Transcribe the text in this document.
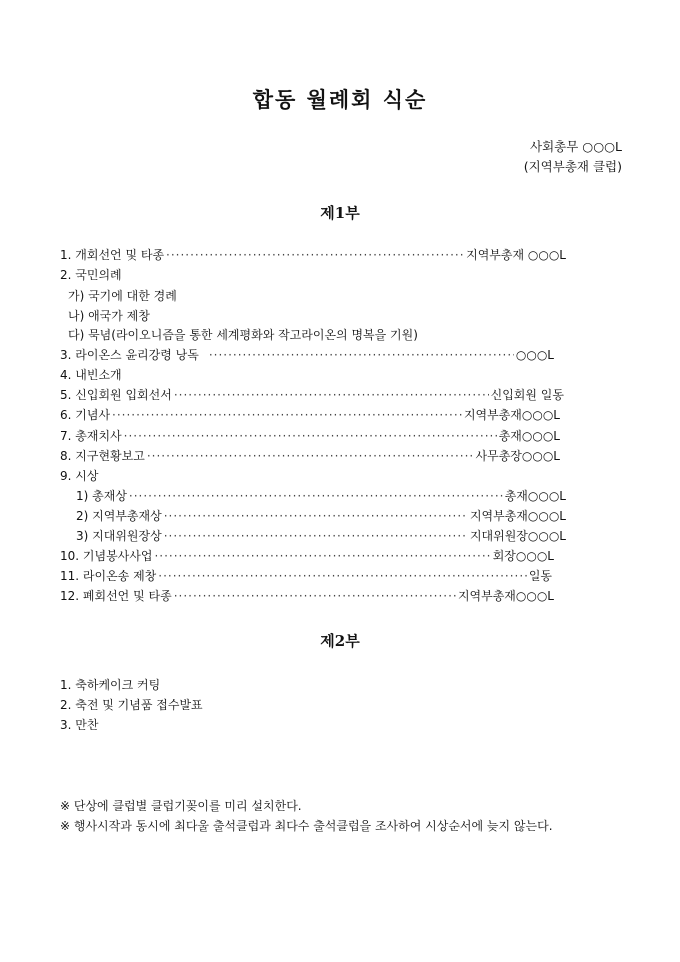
합동 월례회 식순
사회총무 ○○○L
(지역부총재 클럽)
제1부
1. 개회선언 및 타종 ·····	지역부총재 ○○○L
2. 국민의례
가) 국기에 대한 경례
나) 애국가 제창
다) 묵념(라이오니즘을 통한 세계평화와 작고라이온의 명복을 기원)
3. 라이온스 윤리강령 낭독 ·····	○○○L
4. 내빈소개
5. 신입회원 입회선서 ·····	신입회원 일동
6. 기념사 ·····	지역부총재○○○L
7. 총재치사 ·····	총재○○○L
8. 지구현황보고 ·····	사무총장○○○L
9. 시상
1) 총재상 ·····	총재○○○L
2) 지역부총재상 ·····	지역부총재○○○L
3) 지대위원장상 ·····	지대위원장○○○L
10. 기념봉사사업 ·····	회장○○○L
11. 라이온송 제창 ·····	일동
12. 폐회선언 및 타종 ·····	지역부총재○○○L
제2부
1. 축하케이크 커팅
2. 축전 및 기념품 접수발표
3. 만찬
※ 단상에 클럽별 클럽기꽂이를 미리 설치한다.
※ 행사시작과 동시에 최다울 출석클럽과 최다수 출석클럽을 조사하여 시상순서에 늦지 않는다.
